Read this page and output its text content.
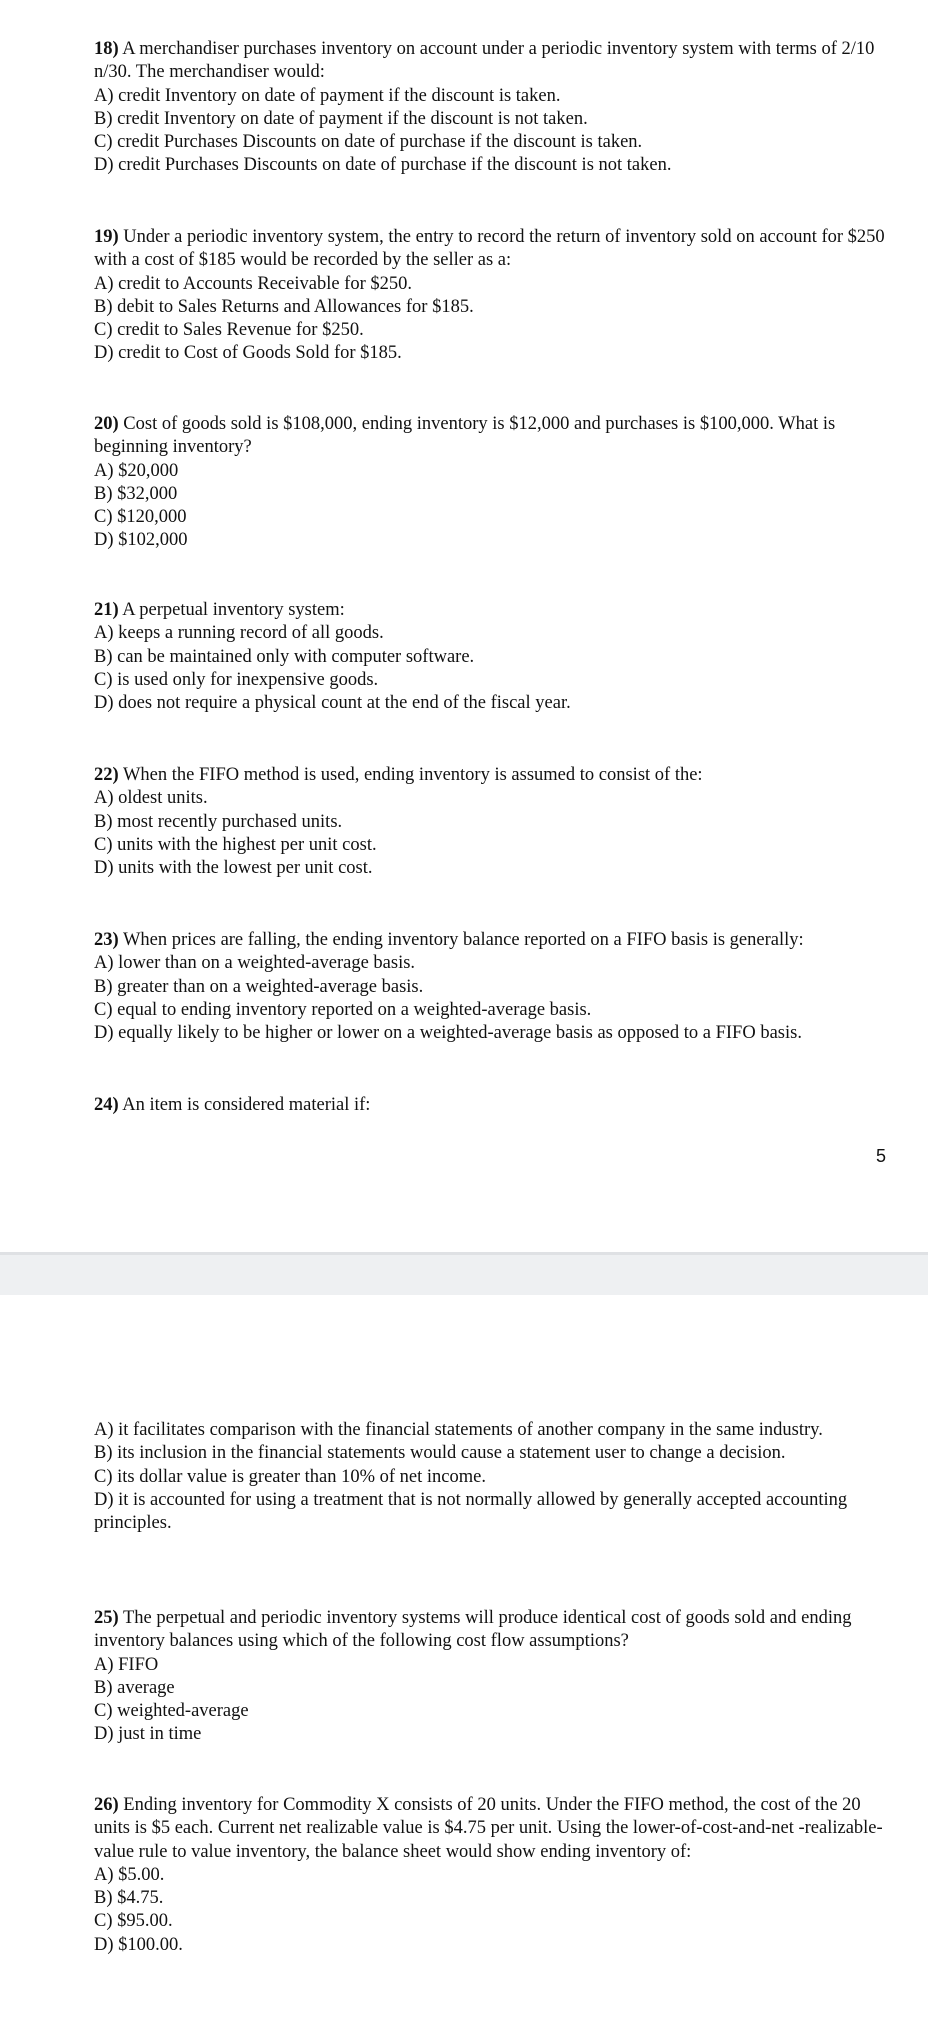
18) A merchandiser purchases inventory on account under a periodic inventory system with terms of 2/10 n/30. The merchandiser would:

A) credit Inventory on date of payment if the discount is taken.
B) credit Inventory on date of payment if the discount is not taken.
C) credit Purchases Discounts on date of purchase if the discount is taken.
D) credit Purchases Discounts on date of purchase if the discount is not taken.

19) Under a periodic inventory system, the entry to record the return of inventory sold on account for $250 with a cost of $185 would be recorded by the seller as a:

A) credit to Accounts Receivable for $250.
B) debit to Sales Returns and Allowances for $185.
C) credit to Sales Revenue for $250.
D) credit to Cost of Goods Sold for $185.

20) Cost of goods sold is $108,000, ending inventory is $12,000 and purchases is $100,000. What is beginning inventory?

A) $20,000
B) $32,000
C) $120,000
D) $102,000

21) A perpetual inventory system:

A) keeps a running record of all goods.
B) can be maintained only with computer software.
C) is used only for inexpensive goods.
D) does not require a physical count at the end of the fiscal year.

22) When the FIFO method is used, ending inventory is assumed to consist of the:

A) oldest units.
B) most recently purchased units.
C) units with the highest per unit cost.
D) units with the lowest per unit cost.

23) When prices are falling, the ending inventory balance reported on a FIFO basis is generally:

A) lower than on a weighted-average basis.
B) greater than on a weighted-average basis.
C) equal to ending inventory reported on a weighted-average basis.
D) equally likely to be higher or lower on a weighted-average basis as opposed to a FIFO basis.

24) An item is considered material if:

5
A) it facilitates comparison with the financial statements of another company in the same industry.
B) its inclusion in the financial statements would cause a statement user to change a decision.
C) its dollar value is greater than 10% of net income.
D) it is accounted for using a treatment that is not normally allowed by generally accepted accounting principles.

25) The perpetual and periodic inventory systems will produce identical cost of goods sold and ending inventory balances using which of the following cost flow assumptions?

A) FIFO
B) average
C) weighted-average
D) just in time

26) Ending inventory for Commodity X consists of 20 units. Under the FIFO method, the cost of the 20 units is $5 each. Current net realizable value is $4.75 per unit. Using the lower-of-cost-and-net -realizable-value rule to value inventory, the balance sheet would show ending inventory of:

A) $5.00.
B) $4.75.
C) $95.00.
D) $100.00.
